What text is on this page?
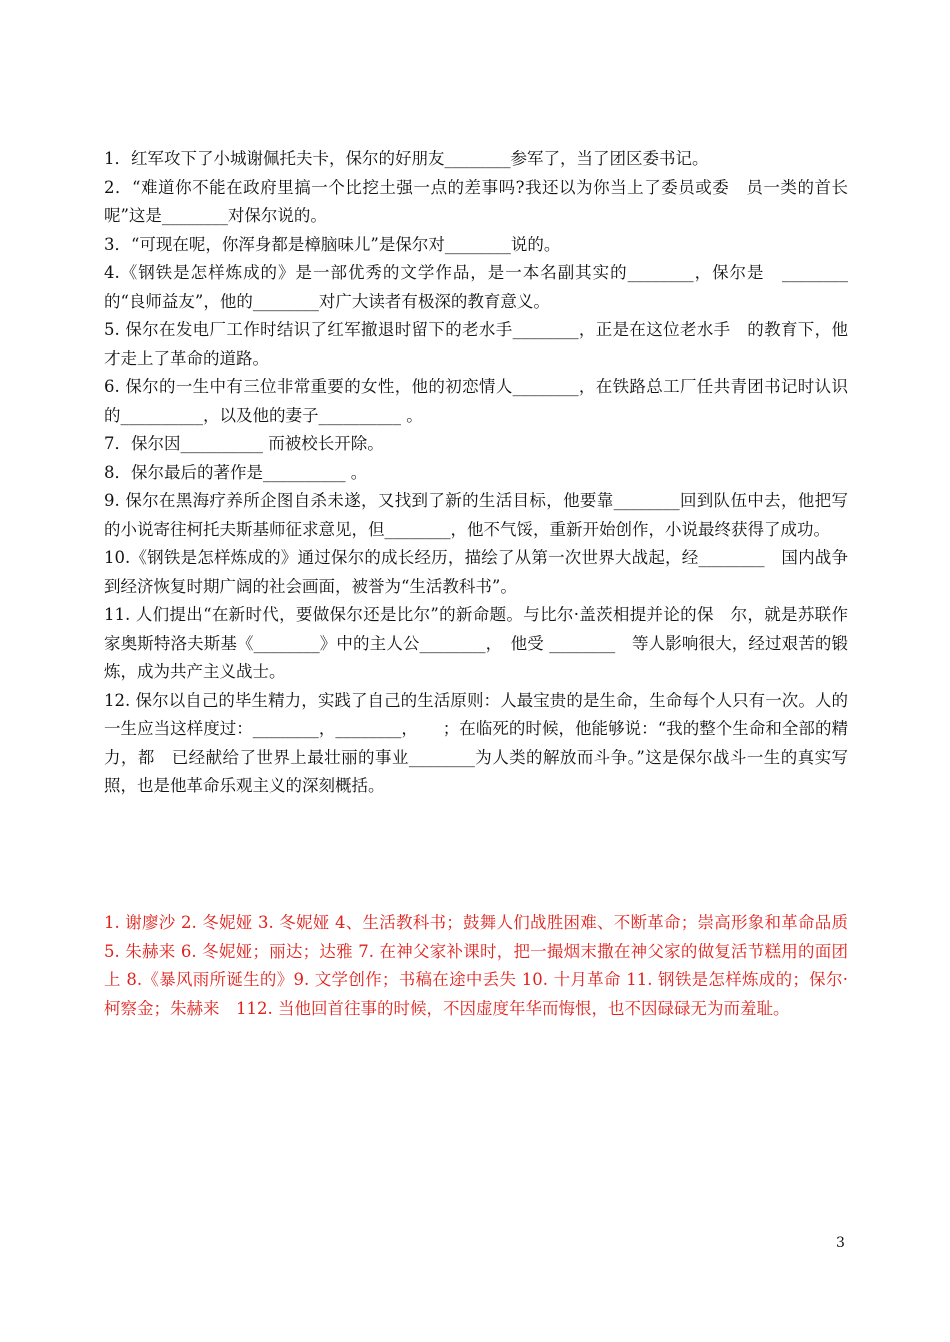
1．红军攻下了小城谢佩托夫卡，保尔的好朋友________参军了，当了团区委书记。

2．“难道你不能在政府里搞一个比挖土强一点的差事吗?我还以为你当上了委员或委　员一类的首长呢”这是________对保尔说的。

3．“可现在呢，你浑身都是樟脑味儿”是保尔对________说的。

4.《钢铁是怎样炼成的》是一部优秀的文学作品，是一本名副其实的________，保尔是　________的“良师益友”，他的________对广大读者有极深的教育意义。

5. 保尔在发电厂工作时结识了红军撤退时留下的老水手________，正是在这位老水手　的教育下，他才走上了革命的道路。

6. 保尔的一生中有三位非常重要的女性，他的初恋情人________，在铁路总工厂任共青团书记时认识的__________，以及他的妻子__________ 。

7．保尔因__________ 而被校长开除。

8．保尔最后的著作是__________ 。

9. 保尔在黑海疗养所企图自杀未遂，又找到了新的生活目标，他要靠________回到队伍中去，他把写的小说寄往柯托夫斯基师征求意见，但________，他不气馁，重新开始创作，小说最终获得了成功。

10.《钢铁是怎样炼成的》通过保尔的成长经历，描绘了从第一次世界大战起，经________　国内战争到经济恢复时期广阔的社会画面，被誉为“生活教科书”。

11. 人们提出“在新时代，要做保尔还是比尔”的新命题。与比尔·盖茨相提并论的保　尔，就是苏联作家奥斯特洛夫斯基《________》中的主人公________，　他受 ________　等人影响很大，经过艰苦的锻炼，成为共产主义战士。

12. 保尔以自己的毕生精力，实践了自己的生活原则：人最宝贵的是生命，生命每个人只有一次。人的一生应当这样度过：________，________，　　；在临死的时候，他能够说：“我的整个生命和全部的精力，都　已经献给了世界上最壮丽的事业________为人类的解放而斗争。”这是保尔战斗一生的真实写照，也是他革命乐观主义的深刻概括。

1. 谢廖沙 2. 冬妮娅 3. 冬妮娅 4、生活教科书；鼓舞人们战胜困难、不断革命；崇高形象和革命品质 5. 朱赫来 6. 冬妮娅；丽达；达雅 7. 在神父家补课时，把一撮烟末撒在神父家的做复活节糕用的面团上 8.《暴风雨所诞生的》9. 文学创作；书稿在途中丢失 10. 十月革命 11. 钢铁是怎样炼成的；保尔·柯察金；朱赫来　112. 当他回首往事的时候，不因虚度年华而悔恨，也不因碌碌无为而羞耻。

3
